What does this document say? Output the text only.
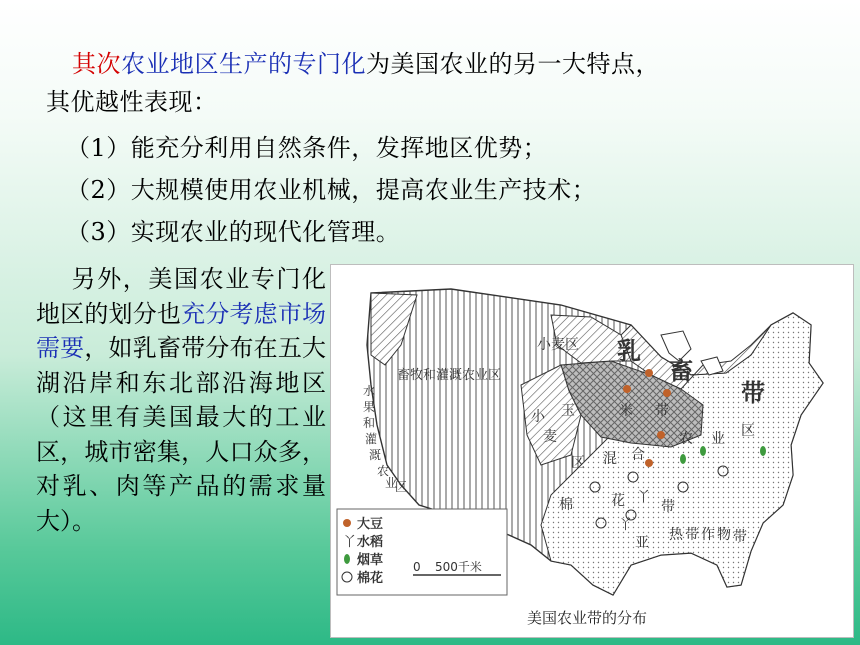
其次农业地区生产的专门化为美国农业的另一大特点，
其优越性表现：
（1）能充分利用自然条件，发挥地区优势；
（2）大规模使用农业机械，提高农业生产技术；
（3）实现农业的现代化管理。
另外，美国农业专门化地区的划分也充分考虑市场需要，如乳畜带分布在五大湖沿岸和东北部沿海地区（这里有美国最大的工业区，城市密集，人口众多，对乳、肉等产品的需求量大）。
小麦区 乳
畜
带
畜牧和灌溉农业区
玉	米 带
小
麦
区 混 合
农 业 区
水
果
和
灌
溉
农
业
区
棉	花	带
亚 热 带 作 物 带
丫
丫
大豆
丫 水稻
烟草
棉花
0 500千米
美国农业带的分布
